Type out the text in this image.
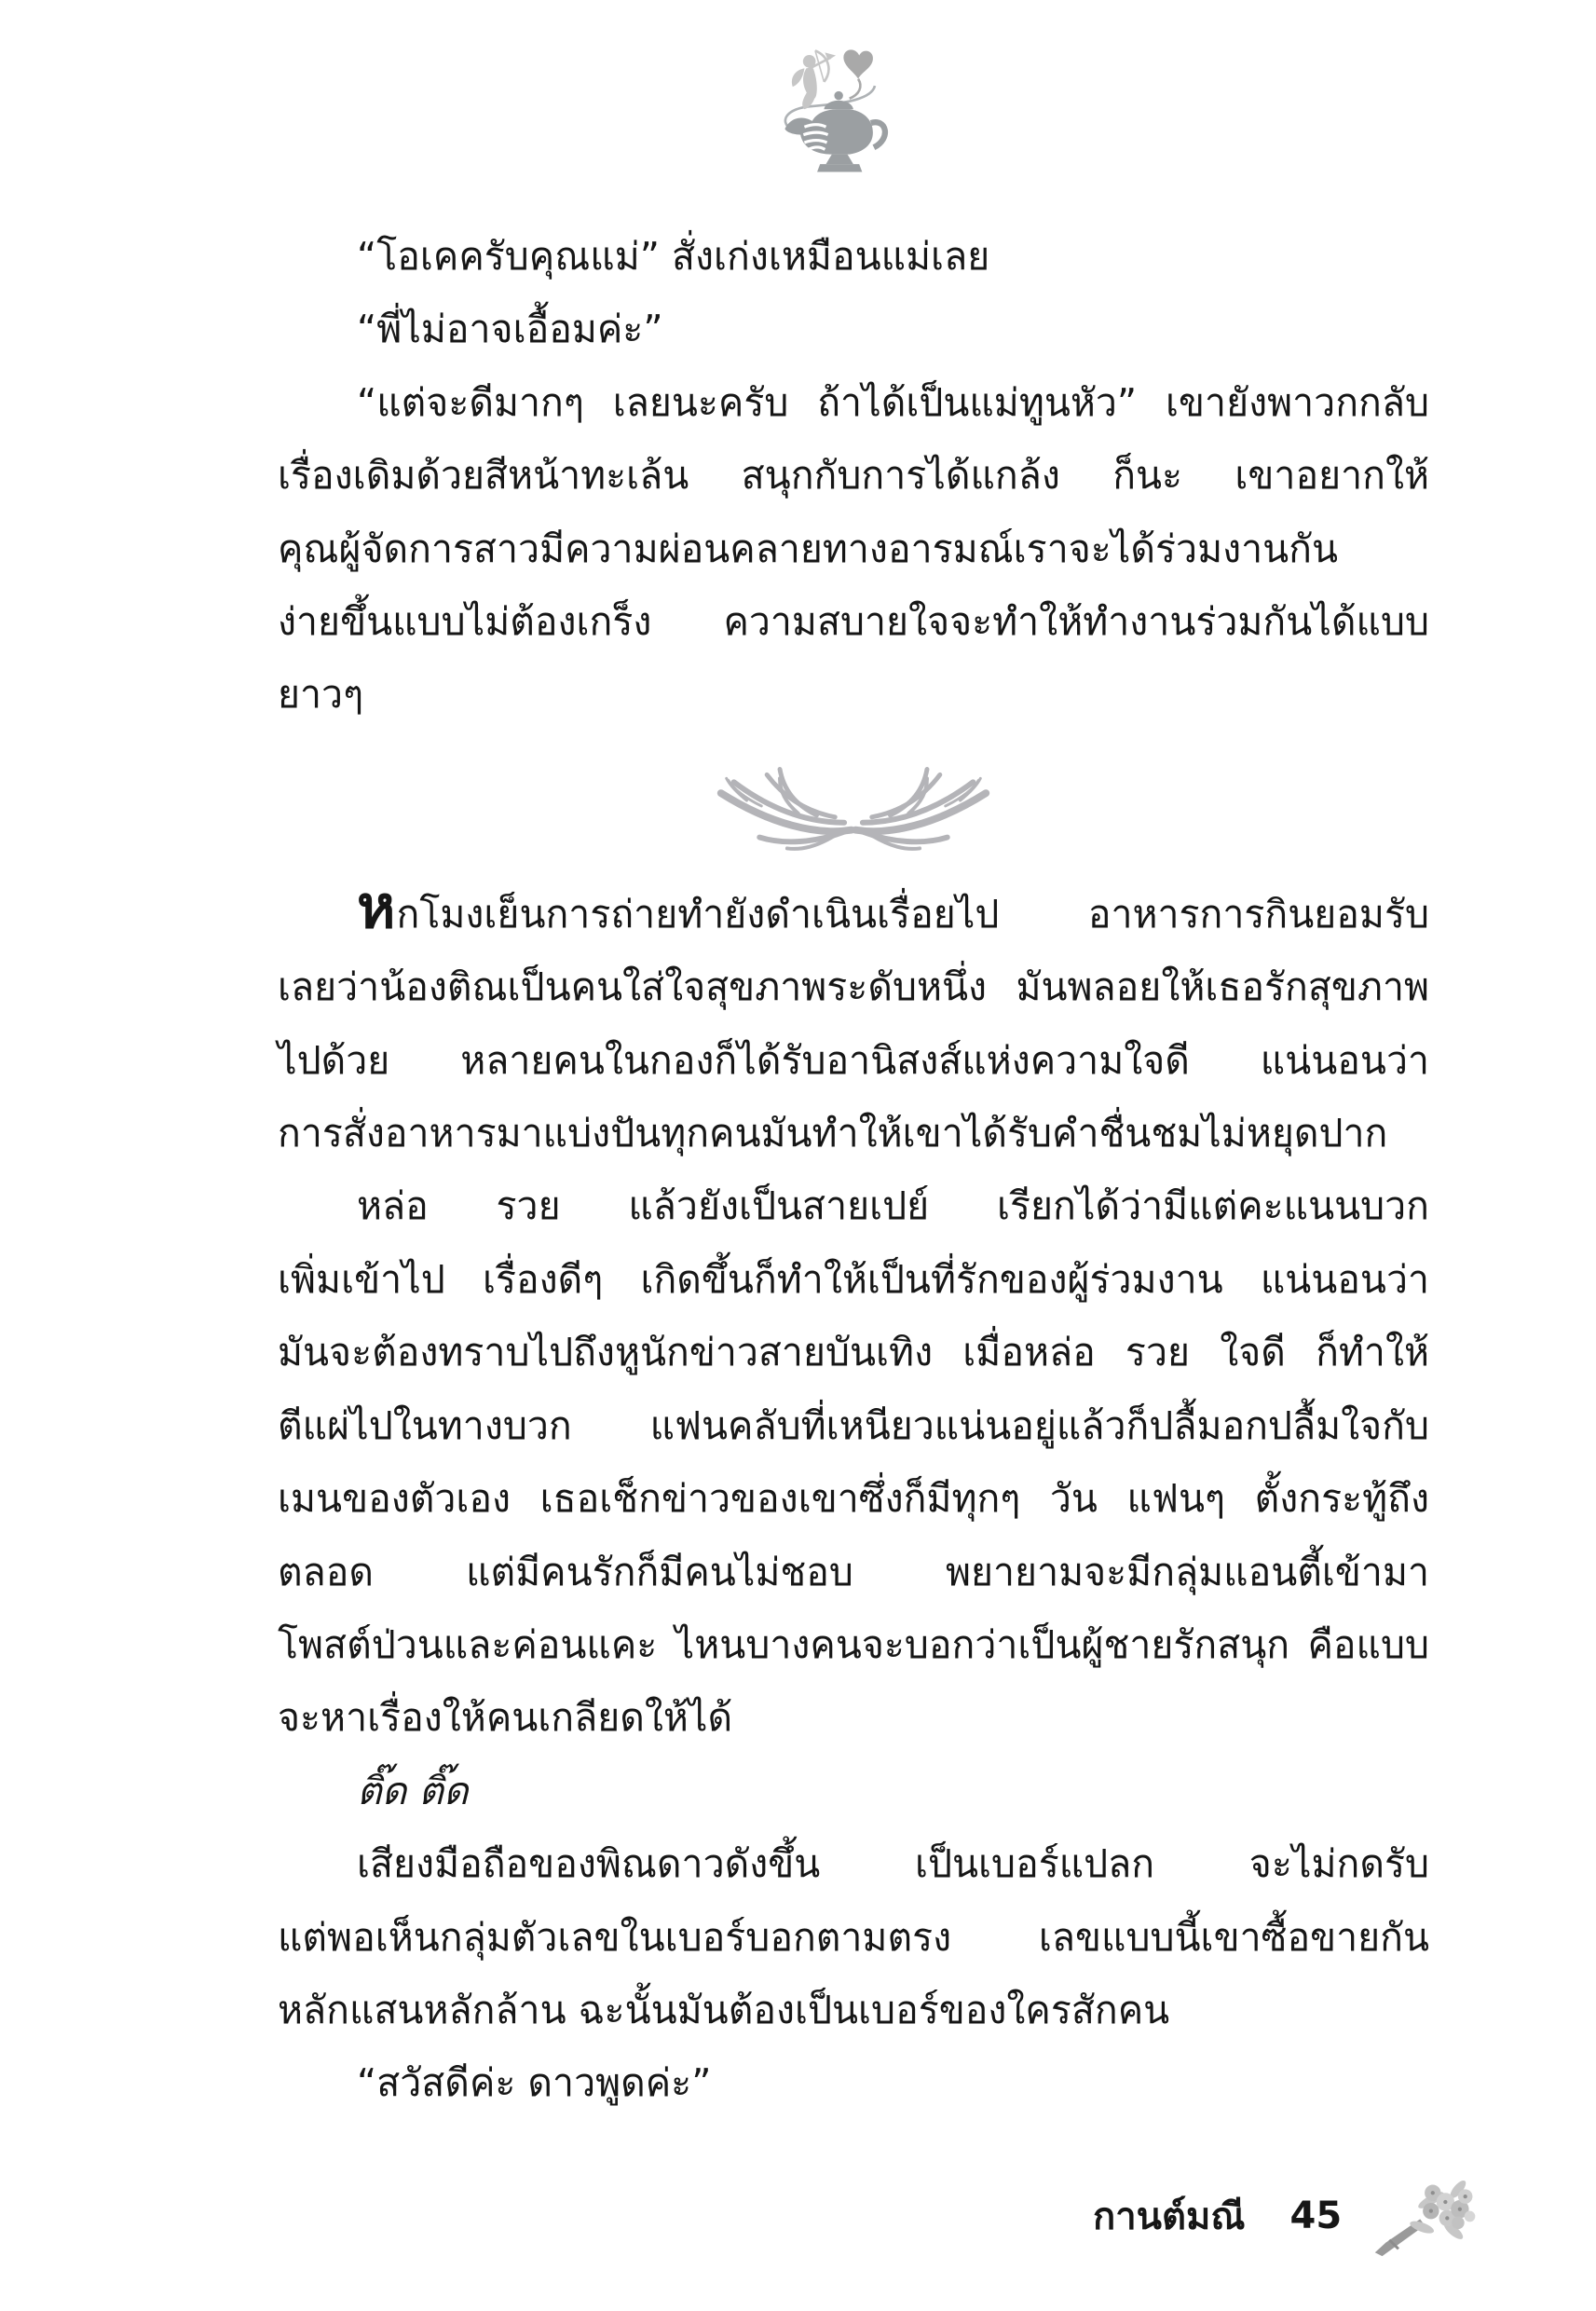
“โอเคครับคุณแม่” สั่งเก่งเหมือนแม่เลย
“พี่ไม่อาจเอื้อมค่ะ”
“แต่จะดีมากๆ เลยนะครับ ถ้าได้เป็นแม่ทูนหัว” เขายังพาวกกลับ
เรื่องเดิมด้วยสีหน้าทะเล้น สนุกกับการได้แกล้ง ก็นะ เขาอยากให้
คุณผู้จัดการสาวมีความผ่อนคลายทางอารมณ์เราจะได้ร่วมงานกัน
ง่ายขึ้นแบบไม่ต้องเกร็ง ความสบายใจจะทำให้ทำงานร่วมกันได้แบบ
ยาวๆ
หกโมงเย็นการถ่ายทำยังดำเนินเรื่อยไป อาหารการกินยอมรับ
เลยว่าน้องติณเป็นคนใส่ใจสุขภาพระดับหนึ่ง มันพลอยให้เธอรักสุขภาพ
ไปด้วย หลายคนในกองก็ได้รับอานิสงส์แห่งความใจดี แน่นอนว่า
การสั่งอาหารมาแบ่งปันทุกคนมันทำให้เขาได้รับคำชื่นชมไม่หยุดปาก
หล่อ รวย แล้วยังเป็นสายเปย์ เรียกได้ว่ามีแต่คะแนนบวก
เพิ่มเข้าไป เรื่องดีๆ เกิดขึ้นก็ทำให้เป็นที่รักของผู้ร่วมงาน แน่นอนว่า
มันจะต้องทราบไปถึงหูนักข่าวสายบันเทิง เมื่อหล่อ รวย ใจดี ก็ทำให้
ตีแผ่ไปในทางบวก แฟนคลับที่เหนียวแน่นอยู่แล้วก็ปลื้มอกปลื้มใจกับ
เมนของตัวเอง เธอเช็กข่าวของเขาซึ่งก็มีทุกๆ วัน แฟนๆ ตั้งกระทู้ถึง
ตลอด แต่มีคนรักก็มีคนไม่ชอบ พยายามจะมีกลุ่มแอนตี้เข้ามา
โพสต์ป่วนและค่อนแคะ ไหนบางคนจะบอกว่าเป็นผู้ชายรักสนุก คือแบบ
จะหาเรื่องให้คนเกลียดให้ได้
ติ๊ด ติ๊ด
เสียงมือถือของพิณดาวดังขึ้น เป็นเบอร์แปลก จะไม่กดรับ
แต่พอเห็นกลุ่มตัวเลขในเบอร์บอกตามตรง เลขแบบนี้เขาซื้อขายกัน
หลักแสนหลักล้าน ฉะนั้นมันต้องเป็นเบอร์ของใครสักคน
“สวัสดีค่ะ ดาวพูดค่ะ”
กานต์มณี 45
